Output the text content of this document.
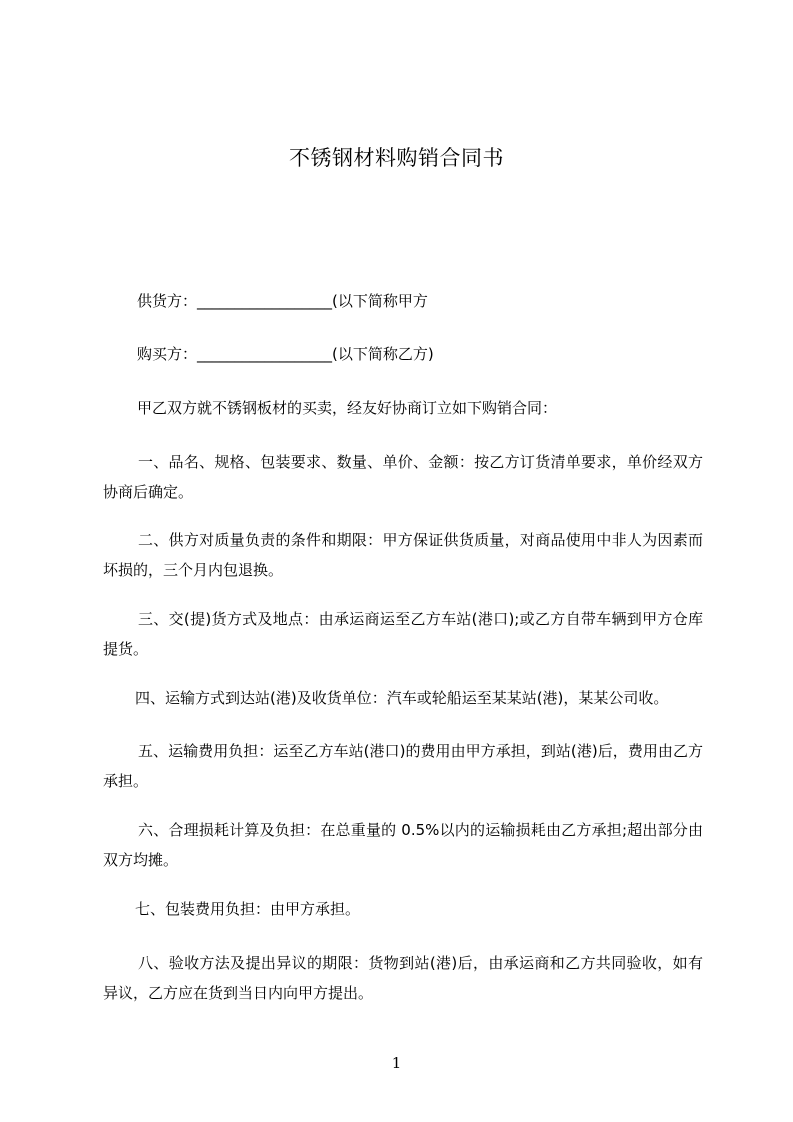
不锈钢材料购销合同书

供货方：__________________(以下简称甲方

购买方：__________________(以下简称乙方)

甲乙双方就不锈钢板材的买卖，经友好协商订立如下购销合同：

一、品名、规格、包装要求、数量、单价、金额：按乙方订货清单要求，单价经双方协商后确定。

二、供方对质量负责的条件和期限：甲方保证供货质量，对商品使用中非人为因素而坏损的，三个月内包退换。

三、交(提)货方式及地点：由承运商运至乙方车站(港口);或乙方自带车辆到甲方仓库提货。

四、运输方式到达站(港)及收货单位：汽车或轮船运至某某站(港)，某某公司收。

五、运输费用负担：运至乙方车站(港口)的费用由甲方承担，到站(港)后，费用由乙方承担。

六、合理损耗计算及负担：在总重量的 0.5%以内的运输损耗由乙方承担;超出部分由双方均摊。

七、包装费用负担：由甲方承担。

八、验收方法及提出异议的期限：货物到站(港)后，由承运商和乙方共同验收，如有异议，乙方应在货到当日内向甲方提出。

1
